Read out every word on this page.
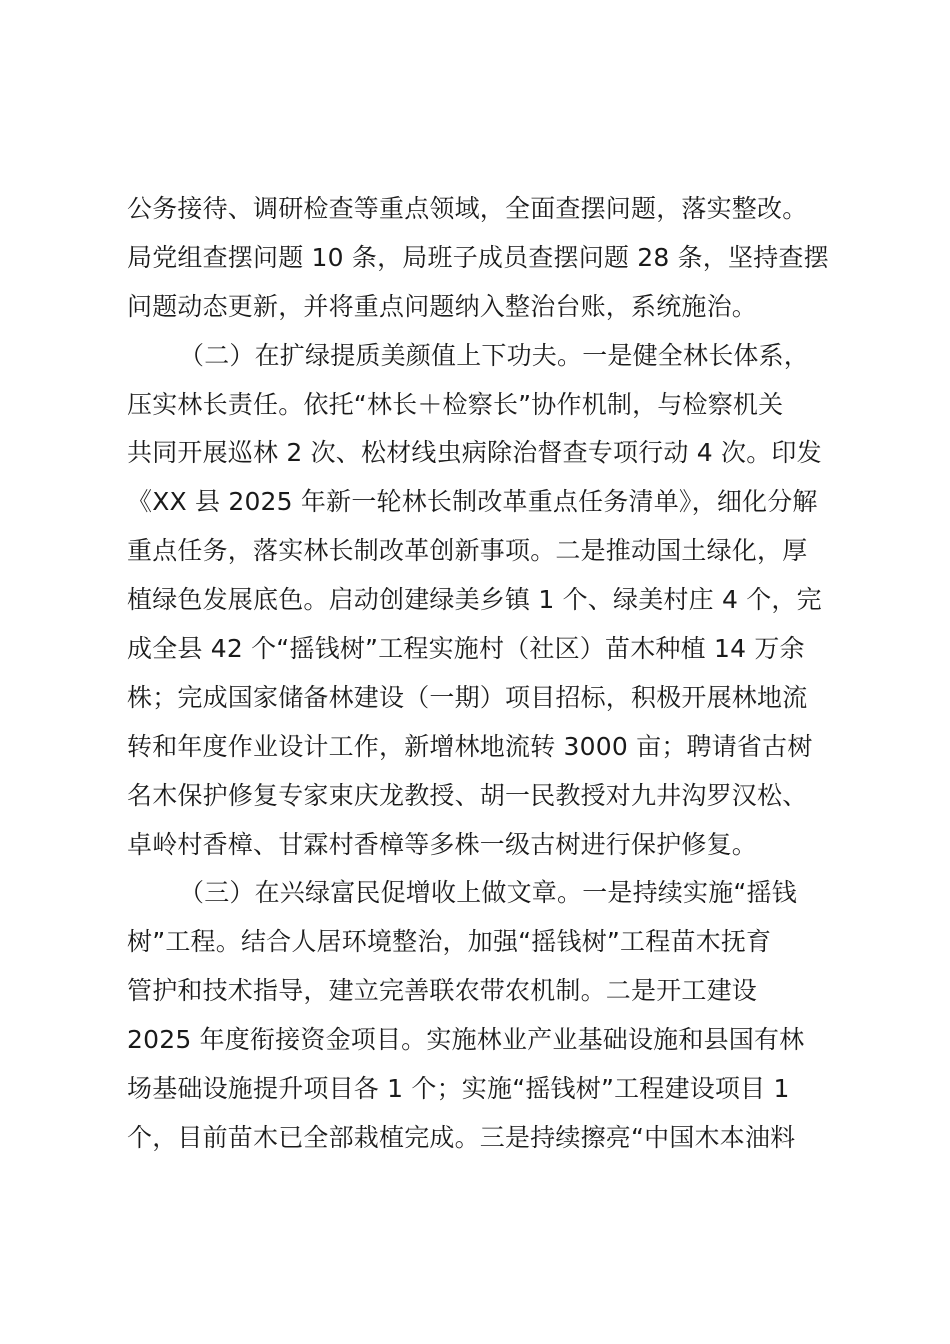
公务接待、调研检查等重点领域，全面查摆问题，落实整改。
局党组查摆问题 10 条，局班子成员查摆问题 28 条，坚持查摆
问题动态更新，并将重点问题纳入整治台账，系统施治。
（二）在扩绿提质美颜值上下功夫。一是健全林长体系，
压实林长责任。依托“林长＋检察长”协作机制，与检察机关
共同开展巡林 2 次、松材线虫病除治督查专项行动 4 次。印发
《XX 县 2025 年新一轮林长制改革重点任务清单》，细化分解
重点任务，落实林长制改革创新事项。二是推动国土绿化，厚
植绿色发展底色。启动创建绿美乡镇 1 个、绿美村庄 4 个，完
成全县 42 个“摇钱树”工程实施村（社区）苗木种植 14 万余
株；完成国家储备林建设（一期）项目招标，积极开展林地流
转和年度作业设计工作，新增林地流转 3000 亩；聘请省古树
名木保护修复专家束庆龙教授、胡一民教授对九井沟罗汉松、
卓岭村香樟、甘霖村香樟等多株一级古树进行保护修复。
（三）在兴绿富民促增收上做文章。一是持续实施“摇钱
树”工程。结合人居环境整治，加强“摇钱树”工程苗木抚育
管护和技术指导，建立完善联农带农机制。二是开工建设
2025 年度衔接资金项目。实施林业产业基础设施和县国有林
场基础设施提升项目各 1 个；实施“摇钱树”工程建设项目 1
个，目前苗木已全部栽植完成。三是持续擦亮“中国木本油料
